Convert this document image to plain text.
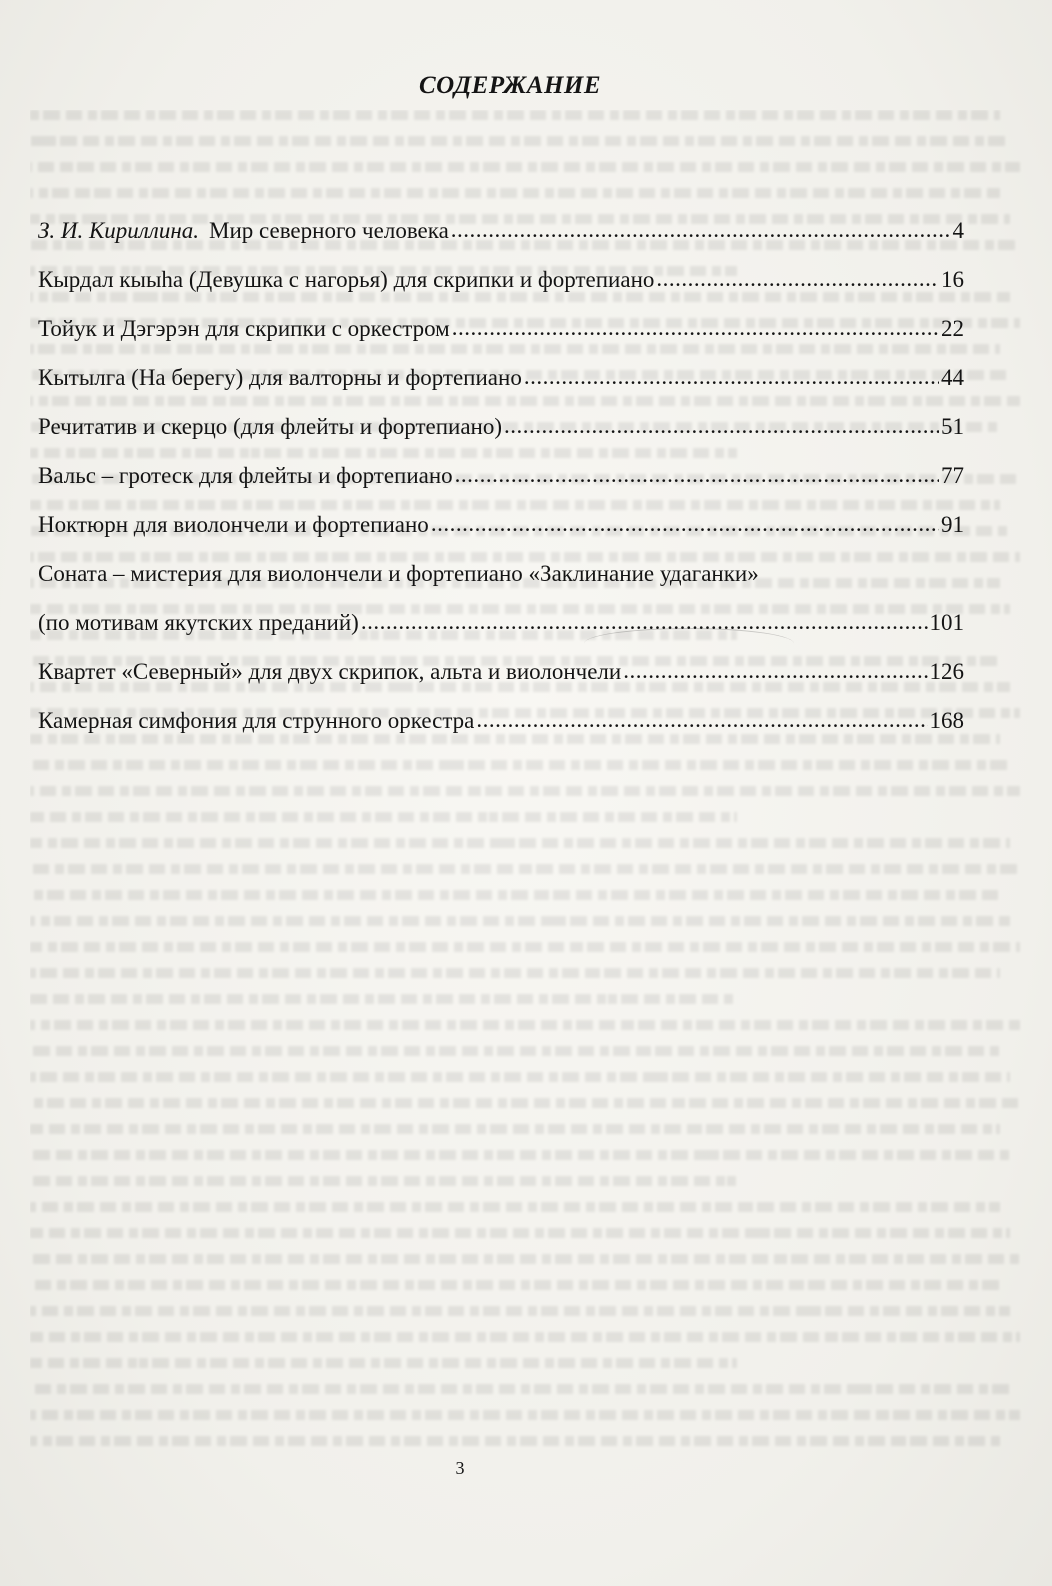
СОДЕРЖАНИЕ
З. И. Кириллина. Мир северного человека .....	4
Кырдал кыыhа (Девушка с нагорья) для скрипки и фортепиано .....	16
Тойук и Дэгэрэн для скрипки с оркестром .....	22
Кытылга (На берегу) для валторны и фортепиано .....	44
Речитатив и скерцо (для флейты и фортепиано) .....	51
Вальс – гротеск для флейты и фортепиано .....	77
Ноктюрн для виолончели и фортепиано .....	91
Соната – мистерия для виолончели и фортепиано «Заклинание удаганки»
(по мотивам якутских преданий) .....	101
Квартет «Северный» для двух скрипок, альта и виолончели .....	126
Камерная симфония для струнного оркестра .....	168
3
